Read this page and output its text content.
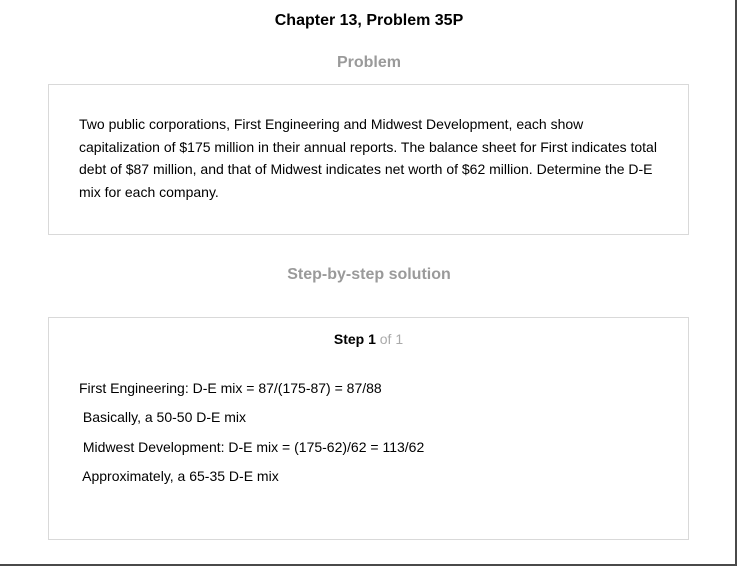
Chapter 13, Problem 35P
Problem
Two public corporations, First Engineering and Midwest Development, each show capitalization of $175 million in their annual reports. The balance sheet for First indicates total debt of $87 million, and that of Midwest indicates net worth of $62 million. Determine the D-E mix for each company.
Step-by-step solution
Step 1 of 1
First Engineering: D-E mix = 87/(175-87) = 87/88
Basically, a 50-50 D-E mix
Midwest Development: D-E mix = (175-62)/62 = 113/62
Approximately, a 65-35 D-E mix
